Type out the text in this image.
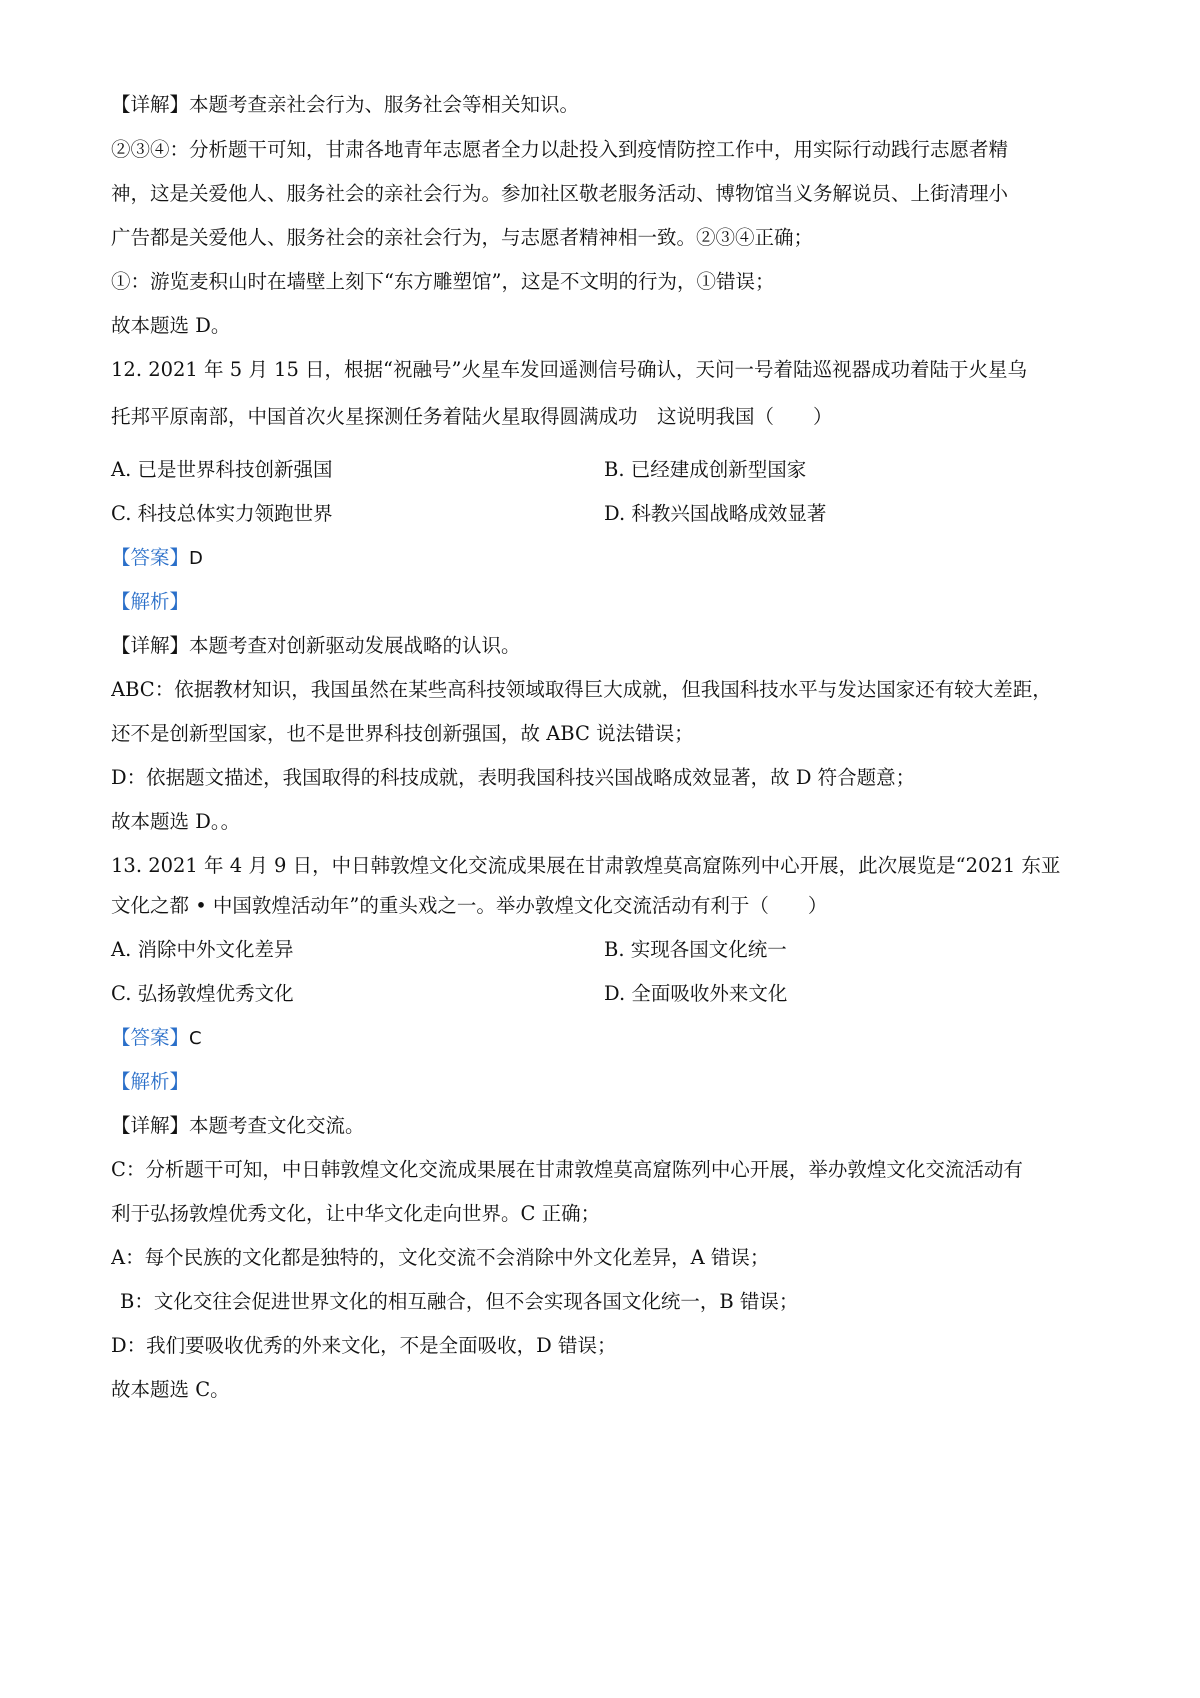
【详解】本题考查亲社会行为、服务社会等相关知识。
②③④：分析题干可知，甘肃各地青年志愿者全力以赴投入到疫情防控工作中，用实际行动践行志愿者精
神，这是关爱他人、服务社会的亲社会行为。参加社区敬老服务活动、博物馆当义务解说员、上街清理小
广告都是关爱他人、服务社会的亲社会行为，与志愿者精神相一致。②③④正确；
①：游览麦积山时在墙壁上刻下“东方雕塑馆”，这是不文明的行为，①错误；
故本题选 D。
12. 2021 年 5 月 15 日，根据“祝融号”火星车发回遥测信号确认，天问一号着陆巡视器成功着陆于火星乌
托邦平原南部，中国首次火星探测任务着陆火星取得圆满成功　这说明我国（　　）
A. 已是世界科技创新强国	B. 已经建成创新型国家
C. 科技总体实力领跑世界	D. 科教兴国战略成效显著
【答案】D
【解析】
【详解】本题考查对创新驱动发展战略的认识。
ABC：依据教材知识，我国虽然在某些高科技领域取得巨大成就，但我国科技水平与发达国家还有较大差距，
还不是创新型国家，也不是世界科技创新强国，故 ABC 说法错误；
D：依据题文描述，我国取得的科技成就，表明我国科技兴国战略成效显著，故 D 符合题意；
故本题选 D。。
13. 2021 年 4 月 9 日，中日韩敦煌文化交流成果展在甘肃敦煌莫高窟陈列中心开展，此次展览是“2021 东亚
文化之都 • 中国敦煌活动年”的重头戏之一。举办敦煌文化交流活动有利于（　　）
A. 消除中外文化差异	B. 实现各国文化统一
C. 弘扬敦煌优秀文化	D. 全面吸收外来文化
【答案】C
【解析】
【详解】本题考查文化交流。
C：分析题干可知，中日韩敦煌文化交流成果展在甘肃敦煌莫高窟陈列中心开展，举办敦煌文化交流活动有
利于弘扬敦煌优秀文化，让中华文化走向世界。C 正确；
A：每个民族的文化都是独特的，文化交流不会消除中外文化差异，A 错误；
B：文化交往会促进世界文化的相互融合，但不会实现各国文化统一，B 错误；
D：我们要吸收优秀的外来文化，不是全面吸收，D 错误；
故本题选 C。
